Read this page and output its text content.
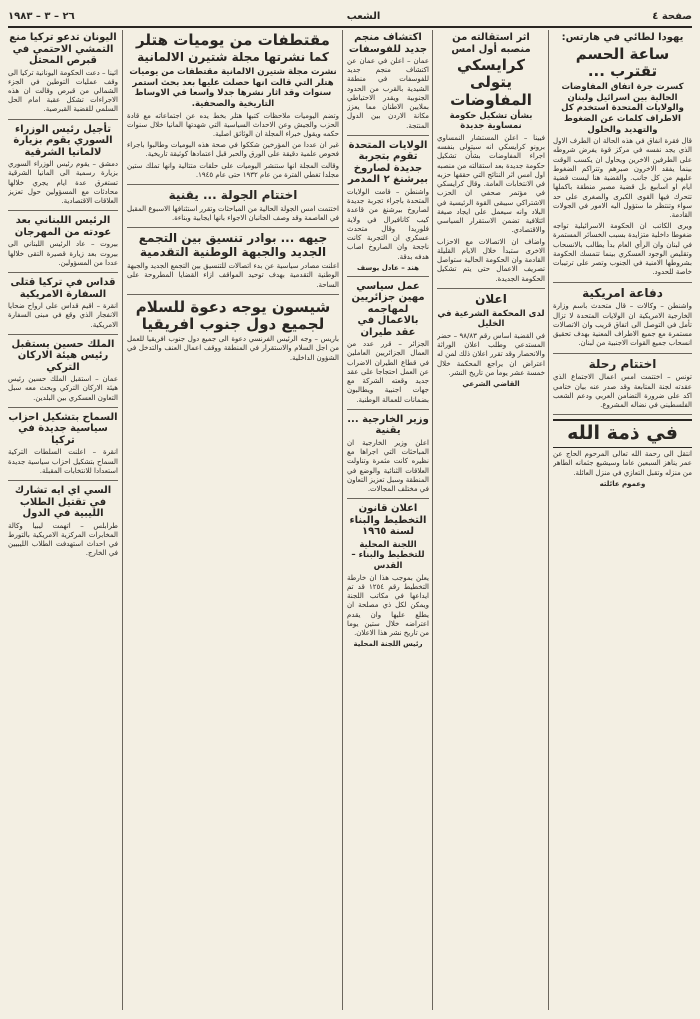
صفحة ٤
الشعب
٢٦ – ٣ – ١٩٨٣
يهودا لطائي في هارتس:
ساعة الحسم تقترب ...
كسرت جرة اتفاق المفاوضات الحالية بين اسرائيل ولبنان والولايات المتحدة استخدم كل الاطراف كلمات عن الضغوط والتهديد والحلول
قال فقرة انفاق في هذه الحالة ان الطرف الاول الذي يجد نفسه في مركز قوة يفرض شروطه على الطرفين الاخرين ويحاول ان يكسب الوقت بينما يفقد الاخرون صبرهم وتتراكم الضغوط عليهم من كل جانب. والقضية هنا ليست قضية ايام او اسابيع بل قضية مصير منطقة باكملها تتحرك فيها القوى الكبرى والصغرى على حد سواء وتنتظر ما ستؤول اليه الامور في الجولات القادمة.
ويرى الكاتب ان الحكومة الاسرائيلية تواجه ضغوطا داخلية متزايدة بسبب الخسائر المستمرة في لبنان وان الرأي العام بدأ يطالب بالانسحاب وتقليص الوجود العسكري بينما تتمسك الحكومة بشروطها الامنية في الجنوب وتصر على ترتيبات خاصة للحدود.
دفاعة امريكية
واشنطن – وكالات – قال متحدث باسم وزارة الخارجية الامريكية ان الولايات المتحدة لا تزال تأمل في التوصل الى اتفاق قريب وان الاتصالات مستمرة مع جميع الاطراف المعنية بهدف تحقيق انسحاب جميع القوات الاجنبية من لبنان.
اختتام رحلة
تونس – اختتمت امس اعمال الاجتماع الذي عقدته لجنة المتابعة وقد صدر عنه بيان ختامي اكد على ضرورة التضامن العربي ودعم الشعب الفلسطيني في نضاله المشروع.
في ذمة الله
انتقل الى رحمة الله تعالى المرحوم الحاج عن عمر يناهز السبعين عاما وسيشيع جثمانه الطاهر من منزله وتقبل التعازي في منزل العائلة.
وعموم عائلته
اثر استقالته من منصبه أول امس
كرايسكي يتولى المفاوضات
بشأن تشكيل حكومة نمساوية جديدة
فيينا – اعلن المستشار النمساوي برونو كرايسكي انه سيتولى بنفسه اجراء المفاوضات بشأن تشكيل حكومة جديدة بعد استقالته من منصبه اول امس اثر النتائج التي حققها حزبه في الانتخابات العامة. وقال كرايسكي في مؤتمر صحفي ان الحزب الاشتراكي سيبقى القوة الرئيسية في البلاد وانه سيعمل على ايجاد صيغة ائتلافية تضمن الاستقرار السياسي والاقتصادي.
واضاف ان الاتصالات مع الاحزاب الاخرى ستبدأ خلال الايام القليلة القادمة وان الحكومة الحالية ستواصل تصريف الاعمال حتى يتم تشكيل الحكومة الجديدة.
اعلان
لدى المحكمة الشرعية في الخليل
في القضية اساس رقم ٩٨/٨٣ – حضر المستدعي وطلب اعلان الوراثة والانحصار وقد تقرر اعلان ذلك لمن له اعتراض ان يراجع المحكمة خلال خمسة عشر يوما من تاريخ النشر.
القاضي الشرعي
اكتشاف منجم جديد للفوسفات
عمان – اعلن في عمان عن اكتشاف منجم جديد للفوسفات في منطقة الشيدية بالقرب من الحدود الجنوبية ويقدر الاحتياطي بملايين الاطنان مما يعزز مكانة الاردن بين الدول المنتجة.
الولايات المتحدة تقوم بتجربة جديدة لصاروخ بيرشنغ ٢ المدمر
واشنطن – قامت الولايات المتحدة باجراء تجربة جديدة لصاروخ بيرشنغ من قاعدة كيب كانافيرال في ولاية فلوريدا وقال متحدث عسكري ان التجربة كانت ناجحة وان الصاروخ اصاب هدفه بدقة.
هند – عادل يوسف
عمل سياسي مهين جزائريين لمهاجمه بالاعمال في عقد طيران
الجزائر – قرر عدد من العمال الجزائريين العاملين في قطاع الطيران الاضراب عن العمل احتجاجا على عقد جديد وقعته الشركة مع جهات اجنبية ويطالبون بضمانات للعمالة الوطنية.
وزير الخارجية ... يقنية
اعلن وزير الخارجية ان المباحثات التي اجراها مع نظيره كانت مثمرة وتناولت العلاقات الثنائية والوضع في المنطقة وسبل تعزيز التعاون في مختلف المجالات.
اعلان قانون التخطيط والبناء لسنة ١٩٦٥
اللجنة المحلية للتخطيط والبناء – القدس
يعلن بموجب هذا ان خارطة التخطيط رقم ١٢٥٤ قد تم ايداعها في مكاتب اللجنة ويمكن لكل ذي مصلحة ان يطلع عليها وان يقدم اعتراضه خلال ستين يوما من تاريخ نشر هذا الاعلان.
رئيس اللجنة المحلية
مقتطفات من يوميات هتلر
كما نشرتها مجلة شتيرن الالمانية
نشرت مجلة شتيرن الالمانية مقتطفات من يوميات هتلر التي قالت انها حصلت عليها بعد بحث استمر سنوات وقد اثار نشرها جدلا واسعا في الاوساط التاريخية والصحفية.
وتضم اليوميات ملاحظات كتبها هتلر بخط يده عن اجتماعاته مع قادة الحزب والجيش وعن الاحداث السياسية التي شهدتها المانيا خلال سنوات حكمه ويقول خبراء المجلة ان الوثائق اصلية.
غير ان عددا من المؤرخين شككوا في صحة هذه اليوميات وطالبوا باجراء فحوص علمية دقيقة على الورق والحبر قبل اعتمادها كوثيقة تاريخية.
وقالت المجلة انها ستنشر اليوميات على حلقات متتالية وانها تملك ستين مجلدا تغطي الفترة من عام ١٩٣٢ حتى عام ١٩٤٥.
اختتام الجولة ... يقنية
اختتمت امس الجولة الحالية من المباحثات وتقرر استئنافها الاسبوع المقبل في العاصمة وقد وصف الجانبان الاجواء بانها ايجابية وبناءة.
جيهه ... بوادر تنسيق بين التجمع الجديد والجبهة الوطنية التقدمية
اعلنت مصادر سياسية عن بدء اتصالات للتنسيق بين التجمع الجديد والجبهة الوطنية التقدمية بهدف توحيد المواقف ازاء القضايا المطروحة على الساحة.
شيسون يوجه دعوة للسلام لجميع دول جنوب افريقيا
باريس – وجه الرئيس الفرنسي دعوة الى جميع دول جنوب افريقيا للعمل من اجل السلام والاستقرار في المنطقة ووقف اعمال العنف والتدخل في الشؤون الداخلية.
اليونان تدعو تركيا منع التمشي الاحتمي في قبرص المحتل
اثينا – دعت الحكومة اليونانية تركيا الى وقف عمليات التوطين في الجزء الشمالي من قبرص وقالت ان هذه الاجراءات تشكل عقبة امام الحل السلمي للقضية القبرصية.
تأجيل رئيس الوزراء السوري يقوم بزيارة لالمانيا الشرقية
دمشق – يقوم رئيس الوزراء السوري بزيارة رسمية الى المانيا الشرقية تستغرق عدة ايام يجري خلالها محادثات مع المسؤولين حول تعزيز العلاقات الاقتصادية.
الرئيس اللبناني بعد عودته من المهرجان
بيروت – عاد الرئيس اللبناني الى بيروت بعد زيارة قصيرة التقى خلالها عددا من المسؤولين.
قداس في تركيا قتلى السفارة الامريكية
انقرة – اقيم قداس على ارواح ضحايا الانفجار الذي وقع في مبنى السفارة الامريكية.
الملك حسين يستقبل رئيس هيئة الاركان التركي
عمان – استقبل الملك حسين رئيس هيئة الاركان التركي وبحث معه سبل التعاون العسكري بين البلدين.
السماح بتشكيل احزاب سياسية جديدة في تركيا
انقرة – اعلنت السلطات التركية السماح بتشكيل احزاب سياسية جديدة استعدادا للانتخابات المقبلة.
السي اي ايه تشارك في تقتيل الطلاب الليبية في الدول
طرابلس – اتهمت ليبيا وكالة المخابرات المركزية الامريكية بالتورط في احداث استهدفت الطلاب الليبيين في الخارج.
